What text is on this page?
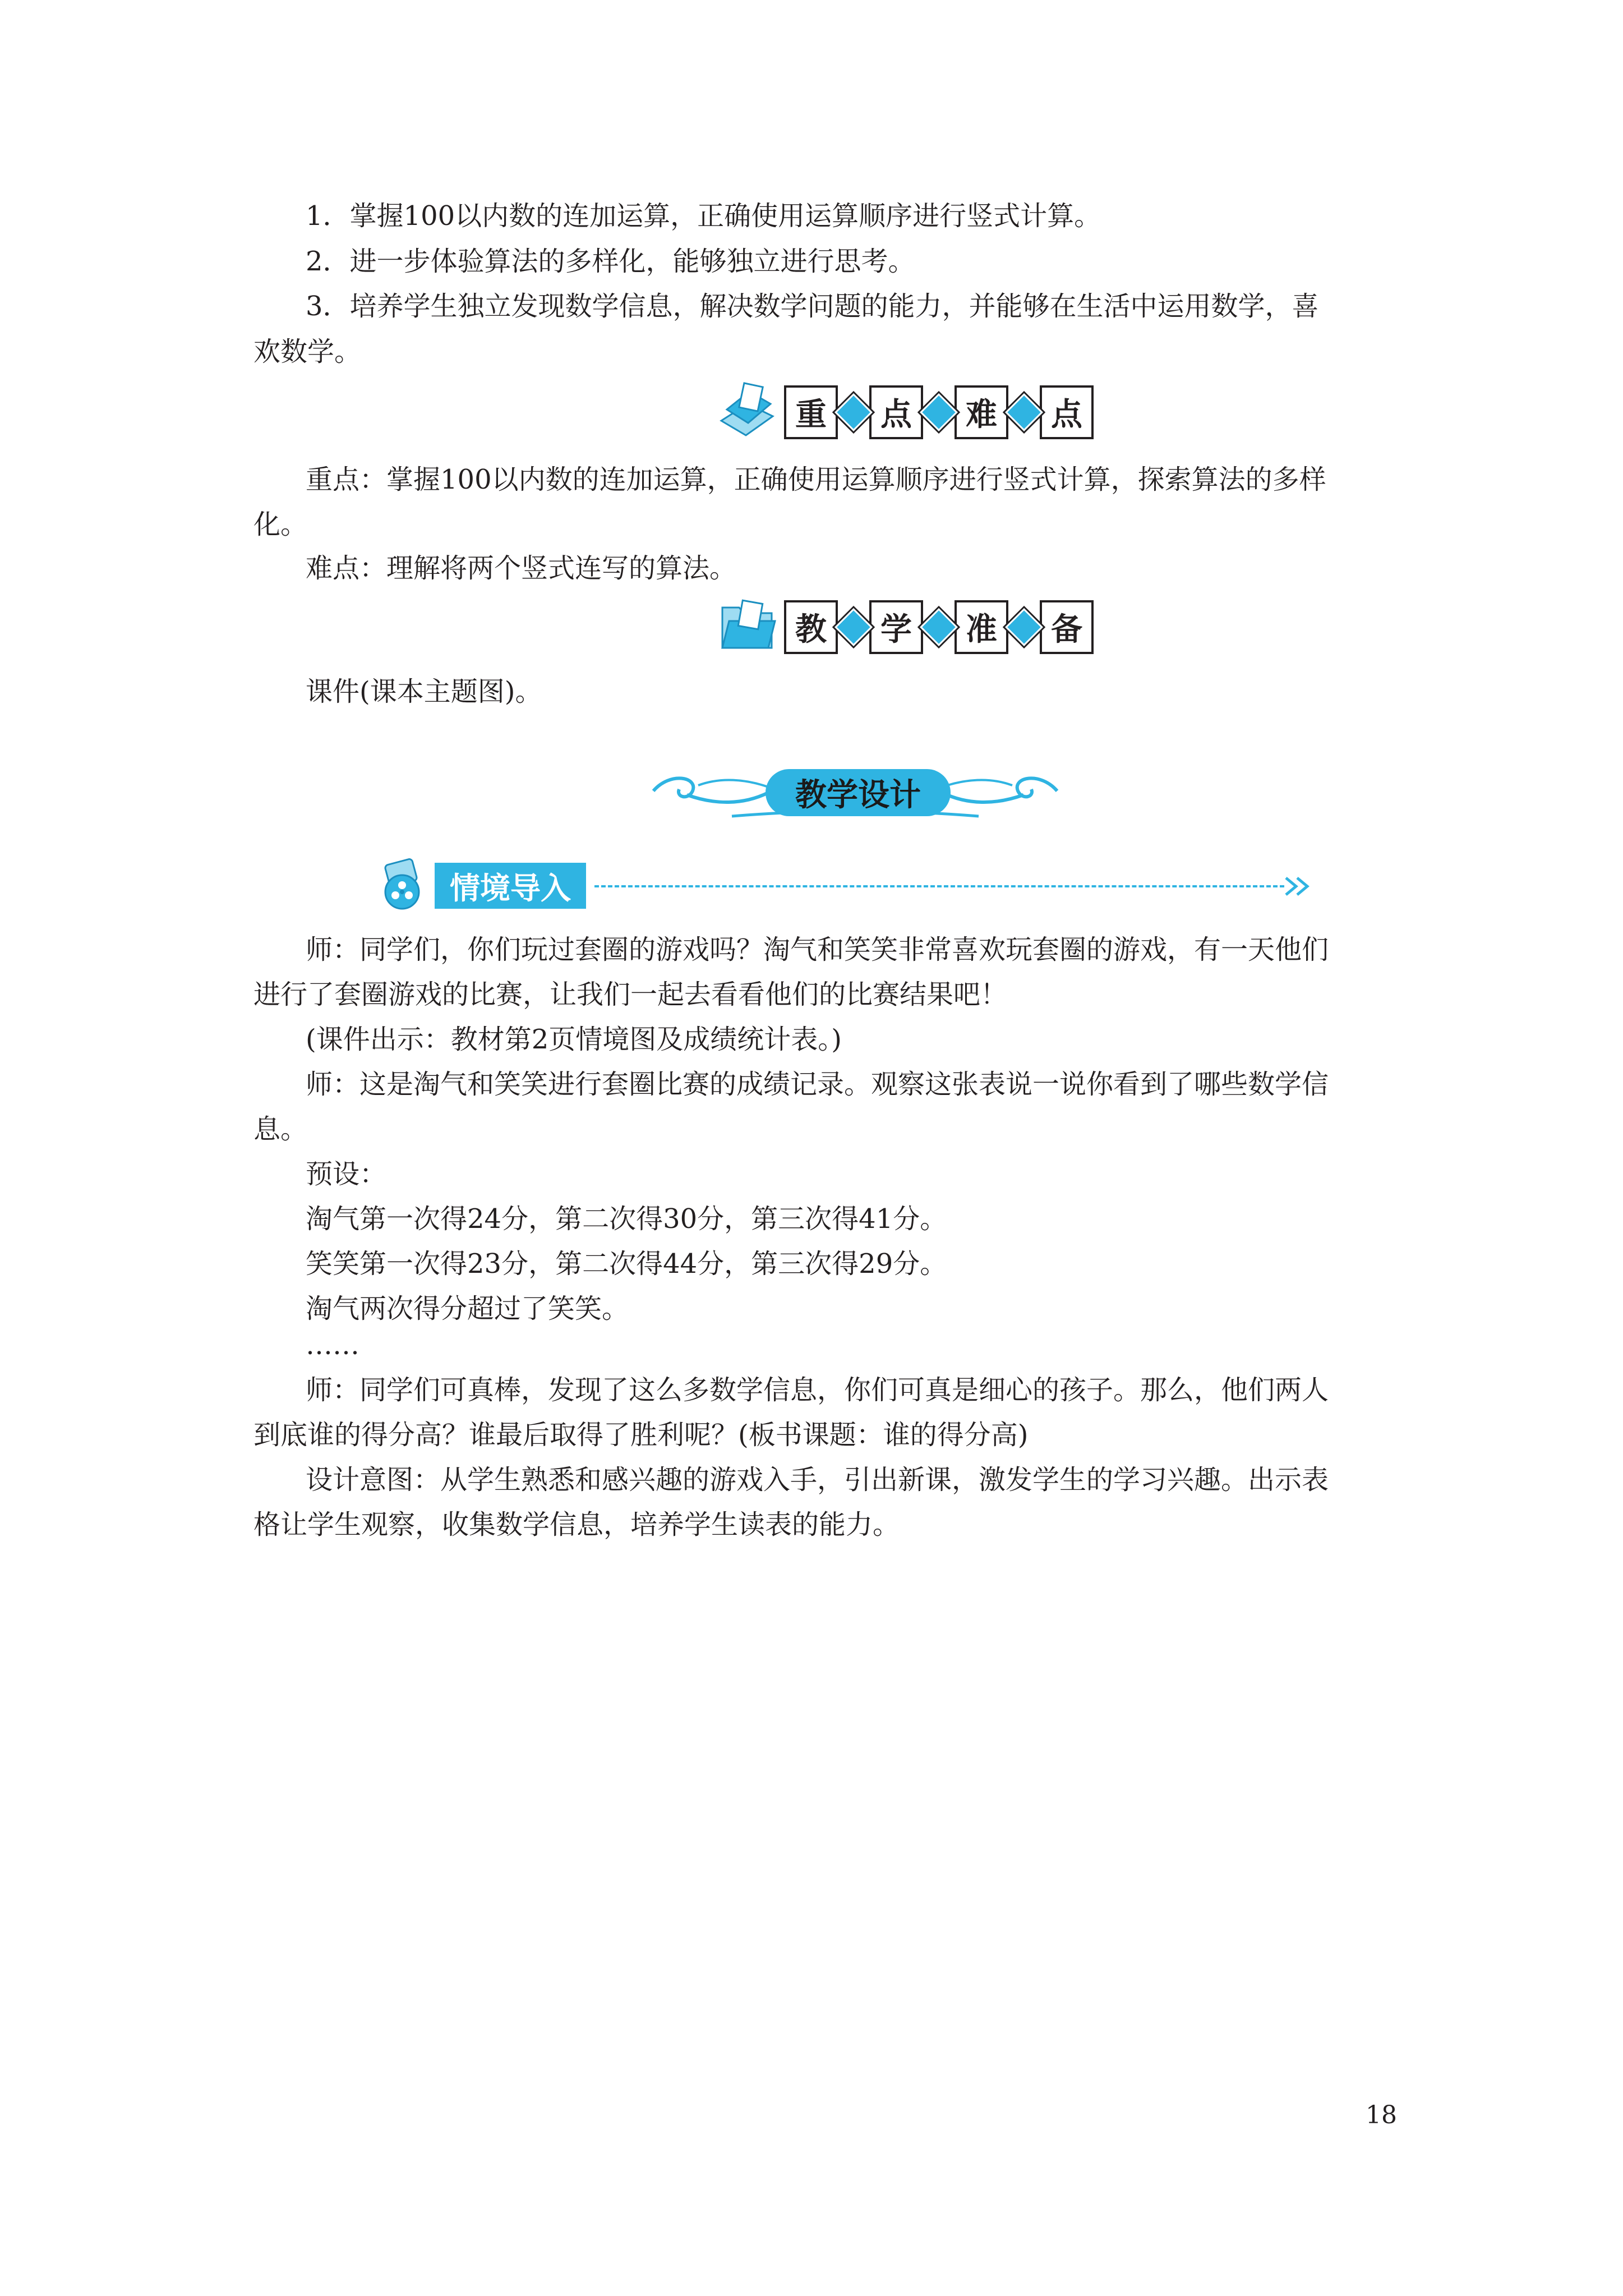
1．掌握100以内数的连加运算，正确使用运算顺序进行竖式计算。
2．进一步体验算法的多样化，能够独立进行思考。
3．培养学生独立发现数学信息，解决数学问题的能力，并能够在生活中运用数学，喜
欢数学。
重	点	难	点
重点：掌握100以内数的连加运算，正确使用运算顺序进行竖式计算，探索算法的多样
化。
难点：理解将两个竖式连写的算法。
教	学	准	备
课件(课本主题图)。
教学设计
情境导入
师：同学们，你们玩过套圈的游戏吗？淘气和笑笑非常喜欢玩套圈的游戏，有一天他们
进行了套圈游戏的比赛，让我们一起去看看他们的比赛结果吧！
(课件出示：教材第2页情境图及成绩统计表。)
师：这是淘气和笑笑进行套圈比赛的成绩记录。观察这张表说一说你看到了哪些数学信
息。
预设：
淘气第一次得24分，第二次得30分，第三次得41分。
笑笑第一次得23分，第二次得44分，第三次得29分。
淘气两次得分超过了笑笑。
……
师：同学们可真棒，发现了这么多数学信息，你们可真是细心的孩子。那么，他们两人
到底谁的得分高？谁最后取得了胜利呢？(板书课题：谁的得分高)
设计意图：从学生熟悉和感兴趣的游戏入手，引出新课，激发学生的学习兴趣。出示表
格让学生观察，收集数学信息，培养学生读表的能力。
18
